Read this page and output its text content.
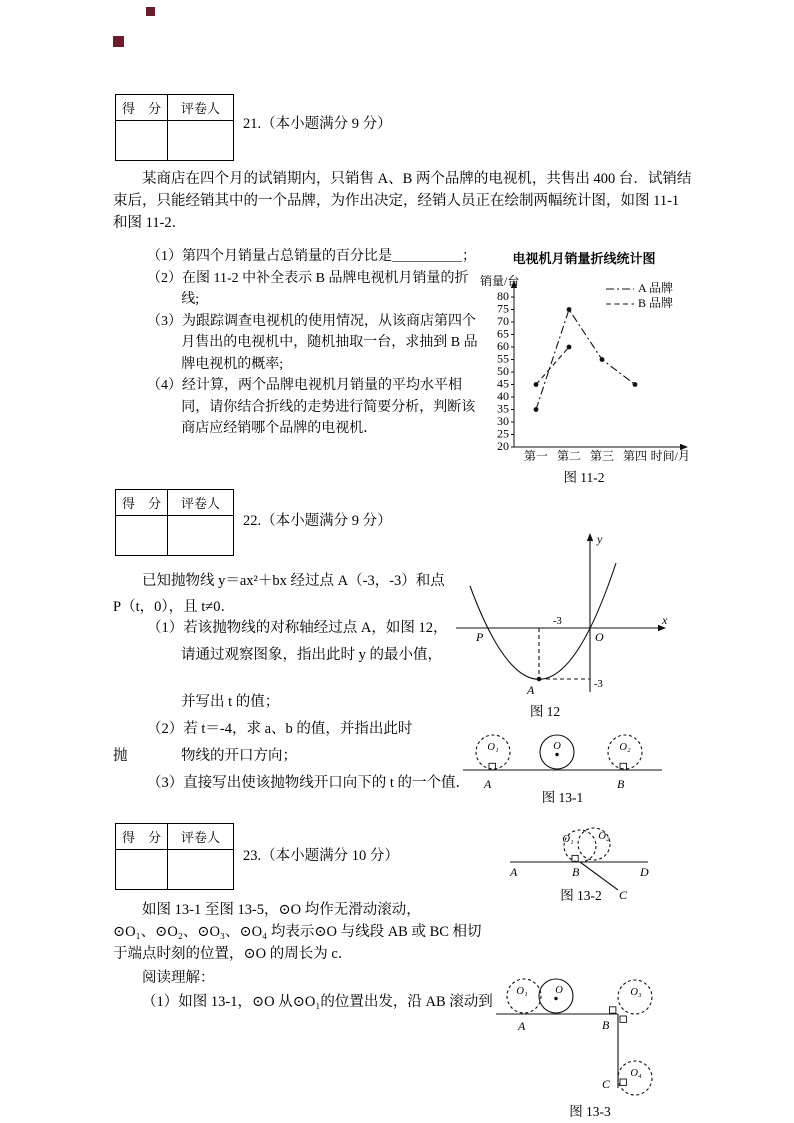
得　分	评卷人
21.（本小题满分 9 分）
某商店在四个月的试销期内，只销售 A、B 两个品牌的电视机，共售出 400 台．试销结
束后，只能经销其中的一个品牌，为作出决定，经销人员正在绘制两幅统计图，如图 11-1
和图 11-2．
（1）第四个月销量占总销量的百分比是＿＿＿＿＿；
（2）在图 11-2 中补全表示 B 品牌电视机月销量的折线;
（3）为跟踪调查电视机的使用情况，从该商店第四个月售出的电视机中，随机抽取一台，求抽到 B 品牌电视机的概率;
（4）经计算，两个品牌电视机月销量的平均水平相同，请你结合折线的走势进行简要分析，判断该商店应经销哪个品牌的电视机．
电视机月销量折线统计图
20
25
30
35
40
45
50
55
60
65
70
75
80
第一 第二 第三 第四 时间/月
销量/台	A 品牌
B 品牌
图 11-2
得　分	评卷人
22.（本小题满分 9 分）
已知抛物线 y＝ax²＋bx 经过点 A（-3，-3）和点
P（t，0），且 t≠0．
（1）若该抛物线的对称轴经过点 A，如图 12，
请通过观察图象，指出此时 y 的最小值，
并写出 t 的值；
（2）若 t＝-4，求 a、b 的值，并指出此时
抛	物线的开口方向；
（3）直接写出使该抛物线开口向下的 t 的一个值．
y
x
O
P
A
-3
-3
图 12
O₁	O	O₂
A	B
图 13-1
得　分	评卷人
23.（本小题满分 10 分）
O₁ O₂
A	B	D
C
图 13-2
如图 13-1 至图 13-5，⊙O 均作无滑动滚动，
⊙O₁、⊙O₂、⊙O₃、⊙O₄ 均表示⊙O 与线段 AB 或 BC 相切
于端点时刻的位置，⊙O 的周长为 c．
阅读理解：
（1）如图 13-1，⊙O 从⊙O₁的位置出发，沿 AB 滚动到
O₁	O	O₃
O₄
A	B
C
图 13-3
